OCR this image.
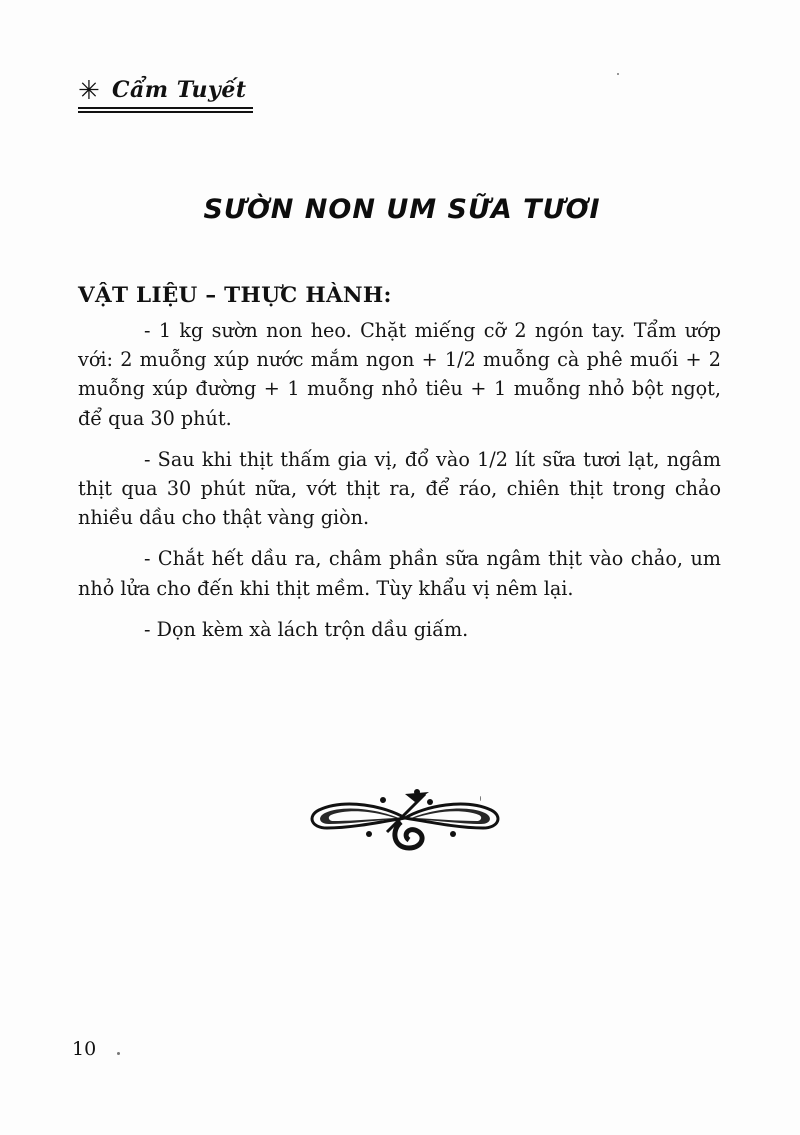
✳ Cẩm Tuyết
SƯỜN NON UM SỮA TƯƠI
VẬT LIỆU – THỰC HÀNH:

- 1 kg sườn non heo. Chặt miếng cỡ 2 ngón tay. Tẩm ướp với: 2 muỗng xúp nước mắm ngon + 1/2 muỗng cà phê muối + 2 muỗng xúp đường + 1 muỗng nhỏ tiêu + 1 muỗng nhỏ bột ngọt, để qua 30 phút.

- Sau khi thịt thấm gia vị, đổ vào 1/2 lít sữa tươi lạt, ngâm thịt qua 30 phút nữa, vớt thịt ra, để ráo, chiên thịt trong chảo nhiều dầu cho thật vàng giòn.

- Chắt hết dầu ra, châm phần sữa ngâm thịt vào chảo, um nhỏ lửa cho đến khi thịt mềm. Tùy khẩu vị nêm lại.

- Dọn kèm xà lách trộn dầu giấm.

10
